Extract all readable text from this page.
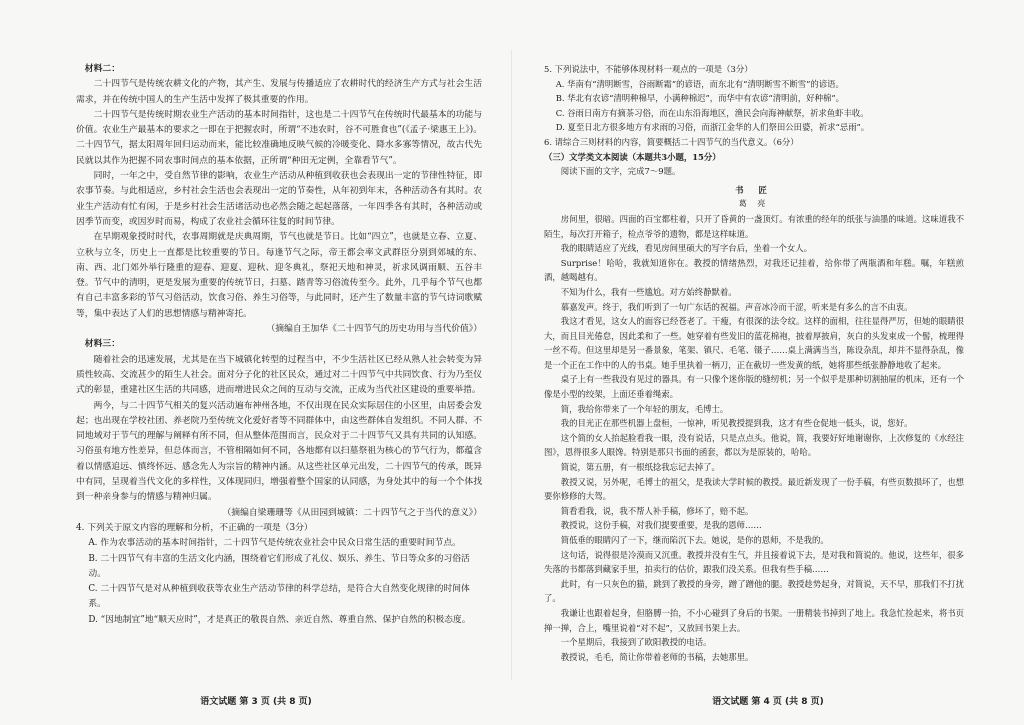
材料二：

二十四节气是传统农耕文化的产物，其产生、发展与传播适应了农耕时代的经济生产方式与社会生活需求，并在传统中国人的生产生活中发挥了极其重要的作用。

二十四节气是传统时期农业生产活动的基本时间指针，这也是二十四节气在传统时代最基本的功能与价值。农业生产最基本的要求之一即在于把握农时，所谓“不违农时，谷不可胜食也”(《孟子·梁惠王上》)。二十四节气，据太阳周年回归运动而来，能比较准确地反映气候的冷暖变化、降水多寡等情况，故古代先民就以其作为把握不同农事时间点的基本依据，正所谓“种田无定例，全靠看节气”。

同时，一年之中，受自然节律的影响，农业生产活动从种植到收获也会表现出一定的节律性特征，即农事节奏。与此相适应，乡村社会生活也会表现出一定的节奏性，从年初到年末，各种活动各有其时。农业生产活动有忙有闲，于是乡村社会生活诸活动也必然会随之起起落落，一年四季各有其时，各种活动或因季节而变，或因岁时而易，构成了农业社会循环往复的时间节律。

在早期观象授时时代，农事周期就是庆典周期，节气也就是节日。比如“四立”，也就是立春、立夏、立秋与立冬，历史上一直都是比较重要的节日。每逢节气之际，帝王都会率文武群臣分别到郊城的东、南、西、北门郊外举行隆重的迎春、迎夏、迎秋、迎冬典礼，祭祀天地和神灵，祈求风调雨顺、五谷丰登。节气中的清明，更是发展为重要的传统节日，扫墓、踏青等习俗流传至今。此外，几乎每个节气也都有自己丰富多彩的节气习俗活动，饮食习俗、养生习俗等，与此同时，还产生了数量丰富的节气诗词歌赋等，集中表达了人们的思想情感与精神寄托。

（摘编自王加华《二十四节气的历史功用与当代价值》）

材料三：

随着社会的迅速发展，尤其是在当下城镇化转型的过程当中，不少生活社区已经从熟人社会转变为异质性较高、交流甚少的陌生人社会。面对分子化的社区民众，通过对二十四节气中共同饮食、行为乃至仪式的彰显，重建社区生活的共同感，进而增进民众之间的互动与交流，正成为当代社区建设的重要举措。

两今，与二十四节气相关的复兴活动遍布神州各地，不仅出现在民众实际居住的小区里，由居委会发起；也出现在学校社团、养老院乃至传统文化爱好者等不同群体中，由这些群体自发组织。不同人群、不同地域对于节气的理解与阐释有所不同，但从整体范围而言，民众对于二十四节气又具有共同的认知感。习俗虽有地方性差异，但总体而言，不管相隔如何不同，各地都有以扫墓祭祖为核心的节气行为，都蕴含着以情感追远、慎终怀远、感念先人为宗旨的精神内涵。从这些社区单元出发，二十四节气的传承，既异中有同，呈现着当代文化的多样性，又体现同归，增强着整个国家的认同感，为身处其中的每一个个体找到一种亲身参与的情感与精神归属。

（摘编自梁珊珊等《从田园到城镇：二十四节气之于当代的意义》）

4. 下列关于原文内容的理解和分析，不正确的一项是（3分）

A. 作为农事活动的基本时间指针，二十四节气是传统农业社会中民众日常生活的重要时间节点。

B. 二十四节气有丰富的生活文化内涵，围绕着它们形成了礼仪、娱乐、养生、节日等众多的习俗活动。

C. 二十四节气是对从种植到收获等农业生产活动节律的科学总结，是符合大自然变化规律的时间体系。

D. “因地制宜”地“顺天应时”，才是真正的敬畏自然、亲近自然、尊重自然、保护自然的积极态度。

语文试题 第 3 页 (共 8 页)

5. 下列说法中，不能够体现材料一观点的一项是（3分）

A. 华南有“清明断雪，谷雨断霜”的谚语，而东北有“清明断雪不断雪”的谚语。

B. 华北有农谚“清明种棉早，小满种棉迟”，而华中有农谚“清明前，好种棉”。

C. 谷雨日南方有摘茶习俗，而在山东沿海地区，渔民会向海神献祭，祈求鱼虾丰收。

D. 夏至日北方很多地方有求雨的习俗，而浙江金华的人们祭田公田婆，祈求“忌雨”。

6. 请综合三则材料的内容，简要概括二十四节气的当代意义。（6分）

（三）文学类文本阅读（本题共3小题，15分）

阅读下面的文字，完成7～9题。

书 匠

葛 亮

房间里，很暗。四面的百宝都柱着，只开了昏黄的一盏顶灯。有浓重的经年的纸张与油墨的味道。这味道我不陌生，每次打开箱子，检点爷爷的遗物，都是这样味道。

我的眼睛适应了光线，看见房间里硕大的写字台后，坐着一个女人。

Surprise！哈哈，我就知道你在。教授的情绪热烈，对我还记挂着，给你带了两瓶酒和年糕。嘱，年糕煎酒，越喝越有。

不知为什么，我有一些尴尬。对方始终静默着。

慕嘉发声。终于，我们听到了一句广东话的祝福。声音冰冷而干涩，听来是有多么的言不由衷。

我这才看见，这女人的面容已经苍老了。干瘦，有很深的法令纹。这样的面相，往往显得严厉，但她的眼睛很大，而且目光倦怠，因此柔和了一些。她穿着有些发旧的蓝花棉袍，披着厚披肩，灰白的头发束成一个髻，梳理得一丝不苟。但这里却是另一番景象，笔架、镇尺、毛笔、镊子……桌上满满当当，陈设杂乱，却并不显得杂乱，像是一个正在工作中的人的书桌。她手里执着一柄刀，正在截切一些发黄的纸，她将那些纸张静静地收了起来。

桌子上有一些我没有见过的器具。有一只像个迷你版的缝纫机；另一个似乎是那种切割抽屉的机床，还有一个像是小型的绞架，上面还垂着绳索。

简，我给你带来了一个年轻的朋友，毛博士。

我的目光正在那些机器上盘桓，一惊神，听见教授提到我，这才有些仓促地一低头，说，您好。

这个简的女人抬起脸看我一眼，没有说话，只是点点头。他说，简，我要好好地谢谢你，上次修复的《水经注图》，恩得很多人眼馋。特别是那只书面的函套，都以为是原装的，哈哈。

简说，第五册，有一根纸捻我忘记去掉了。

教授又说，另外呢，毛博士的祖父，是我读大学时候的教授。最近新发现了一份手稿，有些页数损坏了，也想要你修修的大驾。

简看看我，说，我不帮人补手稿，修坏了，赔不起。

教授说，这份手稿，对我们提要重要，是我的恩师……

简低垂的眼睛闪了一下，继而陷沉下去。她说，是你的恩师，不是我的。

这句话，说得很是冷漠而又沉重。教授并没有生气，并且接着说下去，是对我和简说的。他说，这些年，很多失落的书都落到藏家手里，拍卖行的估价，跟我们没关系。但我有些手稿……

此时，有一只灰色的猫，跳到了教授的身旁，蹭了蹭他的腿。教授趁势起身，对简说，天不早，那我们不打扰了。

我谦让也跟着起身，但胳膊一抬，不小心碰到了身后的书架。一册精装书掉到了地上。我急忙捡起来，将书页掸一掸，合上，嘴里说着“对不起”，又放回书架上去。

一个星期后，我接到了欧阳教授的电话。

教授说，毛毛，简让你带着老师的书稿，去她那里。

语文试题 第 4 页 (共 8 页)
